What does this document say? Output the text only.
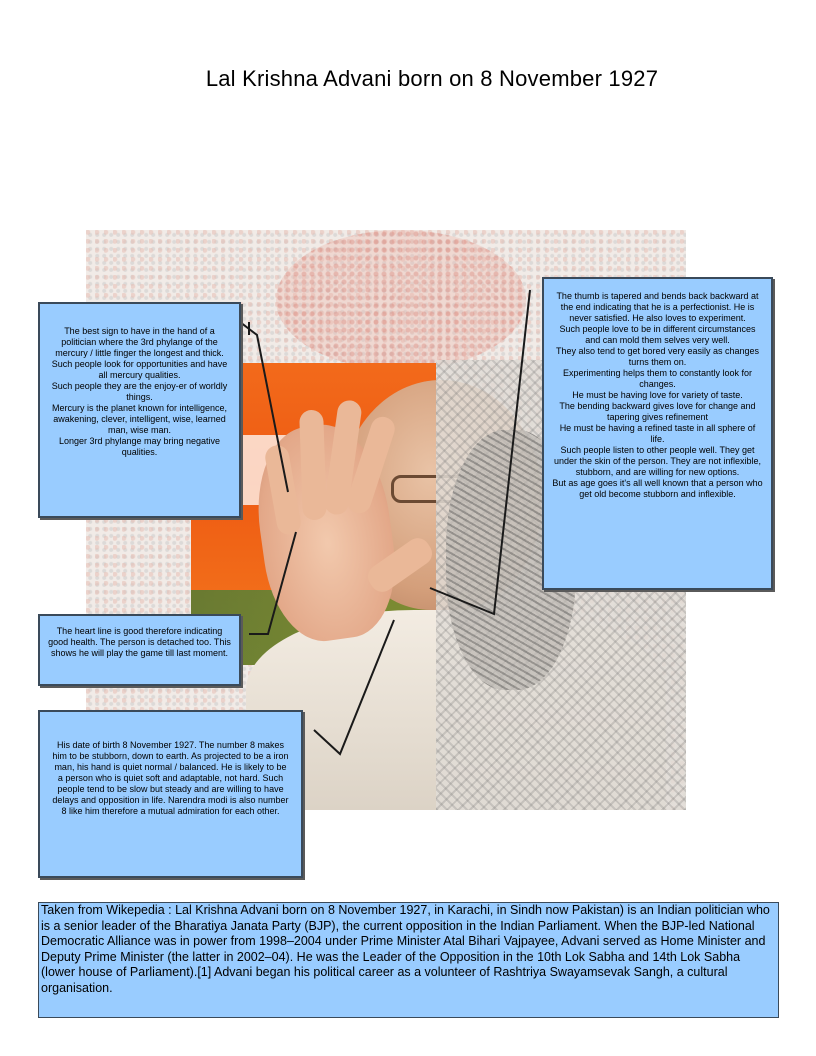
Lal Krishna Advani born on 8 November 1927

The best sign to have in the hand of a politician where the 3rd phylange of the mercury / little finger the longest and thick.

Such people look for opportunities and have all mercury qualities.

Such people they are the enjoy-er of worldly things.

Mercury is the planet known for intelligence, awakening, clever, intelligent, wise, learned man, wise man.

Longer 3rd phylange may bring negative qualities.

The thumb is tapered and bends back backward at the end indicating that he is a perfectionist. He is never satisfied. He also loves to experiment.

Such people love to be in different circumstances and can mold them selves very well.

They also tend to get bored very easily as changes turns them on.

Experimenting helps them to constantly look for changes.

He must be having love for variety of taste.

The bending backward gives love for change and tapering gives refinement

He must be having a refined taste in all sphere of life.

Such people listen to other people well. They get under the skin of the person. They are not inflexible, stubborn, and are willing for new options.

But as age goes it's all well known that a person who get old become stubborn and inflexible.

The heart line is good therefore indicating good health. The person is detached too. This shows he will play the game till last moment.

His date of birth 8 November 1927. The number 8 makes him to be stubborn, down to earth. As projected to be a iron man, his hand is quiet normal / balanced. He is likely to be a person who is quiet soft and adaptable, not hard. Such people tend to be slow but steady and are willing to have delays and opposition in life. Narendra modi is also number 8 like him therefore a mutual admiration for each other.

Taken from Wikepedia : Lal Krishna Advani born on 8 November 1927, in Karachi, in Sindh now Pakistan) is an Indian politician who is a senior leader of the Bharatiya Janata Party (BJP), the current opposition in the Indian Parliament. When the BJP-led National Democratic Alliance was in power from 1998–2004 under Prime Minister Atal Bihari Vajpayee, Advani served as Home Minister and Deputy Prime Minister (the latter in 2002–04). He was the Leader of the Opposition in the 10th Lok Sabha and 14th Lok Sabha (lower house of Parliament).[1] Advani began his political career as a volunteer of Rashtriya Swayamsevak Sangh, a cultural organisation.
